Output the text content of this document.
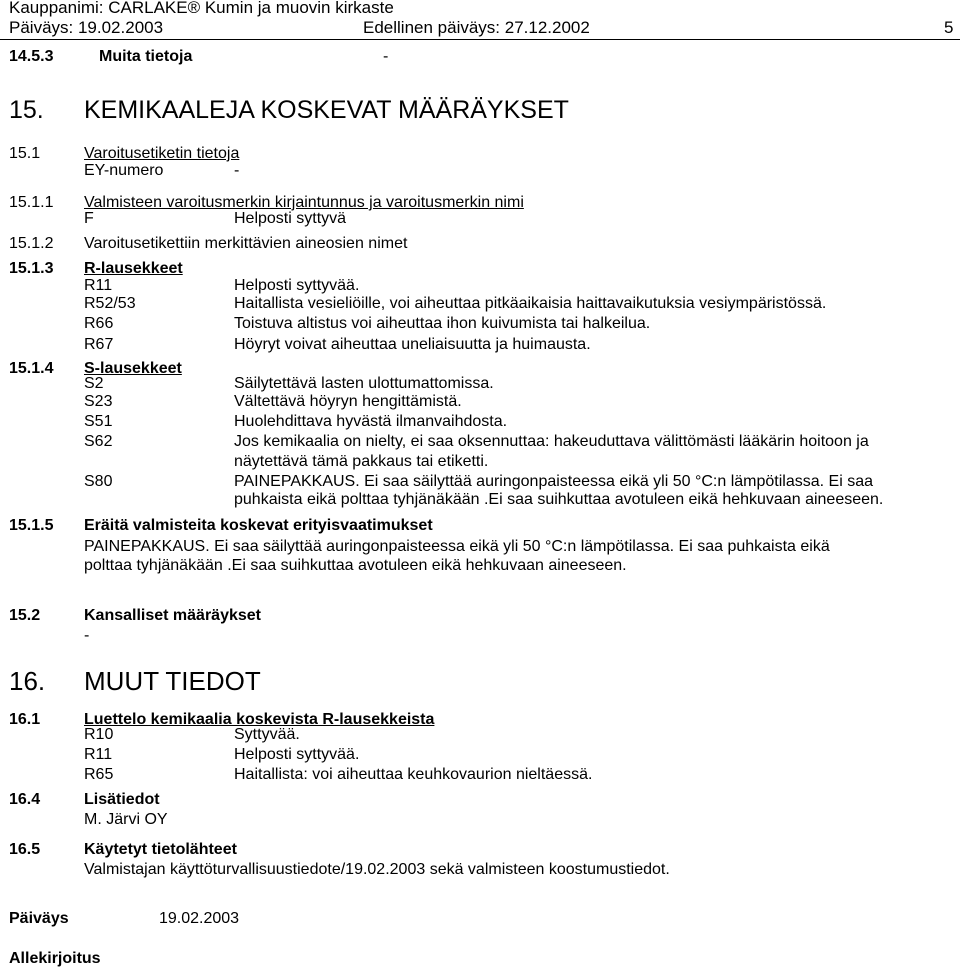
Kauppanimi: CARLAKE® Kumin ja muovin kirkaste
Päiväys: 19.02.2003	Edellinen päiväys: 27.12.2002	5
14.5.3	Muita tietoja	-
15. KEMIKAALEJA KOSKEVAT MÄÄRÄYKSET
15.1	Varoitusetiketin tietoja
EY-numero	-
15.1.1 Valmisteen varoitusmerkin kirjaintunnus ja varoitusmerkin nimi
F	Helposti syttyvä
15.1.2 Varoitusetikettiin merkittävien aineosien nimet
15.1.3 R-lausekkeet
R11	Helposti syttyvää.
R52/53	Haitallista vesieliöille, voi aiheuttaa pitkäaikaisia haittavaikutuksia vesiympäristössä.
R66	Toistuva altistus voi aiheuttaa ihon kuivumista tai halkeilua.
R67	Höyryt voivat aiheuttaa uneliaisuutta ja huimausta.
15.1.4 S-lausekkeet
S2	Säilytettävä lasten ulottumattomissa.
S23	Vältettävä höyryn hengittämistä.
S51	Huolehdittava hyvästä ilmanvaihdosta.
S62	Jos kemikaalia on nielty, ei saa oksennuttaa: hakeuduttava välittömästi lääkärin hoitoon ja
näytettävä tämä pakkaus tai etiketti.
S80	PAINEPAKKAUS. Ei saa säilyttää auringonpaisteessa eikä yli 50 °C:n lämpötilassa. Ei saa
puhkaista eikä polttaa tyhjänäkään .Ei saa suihkuttaa avotuleen eikä hehkuvaan aineeseen.
15.1.5 Eräitä valmisteita koskevat erityisvaatimukset
PAINEPAKKAUS. Ei saa säilyttää auringonpaisteessa eikä yli 50 °C:n lämpötilassa. Ei saa puhkaista eikä
polttaa tyhjänäkään .Ei saa suihkuttaa avotuleen eikä hehkuvaan aineeseen.
15.2	Kansalliset määräykset
-
16. MUUT TIEDOT
16.1	Luettelo kemikaalia koskevista R-lausekkeista
R10	Syttyvää.
R11	Helposti syttyvää.
R65	Haitallista: voi aiheuttaa keuhkovaurion nieltäessä.
16.4	Lisätiedot
M. Järvi OY
16.5	Käytetyt tietolähteet
Valmistajan käyttöturvallisuustiedote/19.02.2003 sekä valmisteen koostumustiedot.
Päiväys	19.02.2003
Allekirjoitus
